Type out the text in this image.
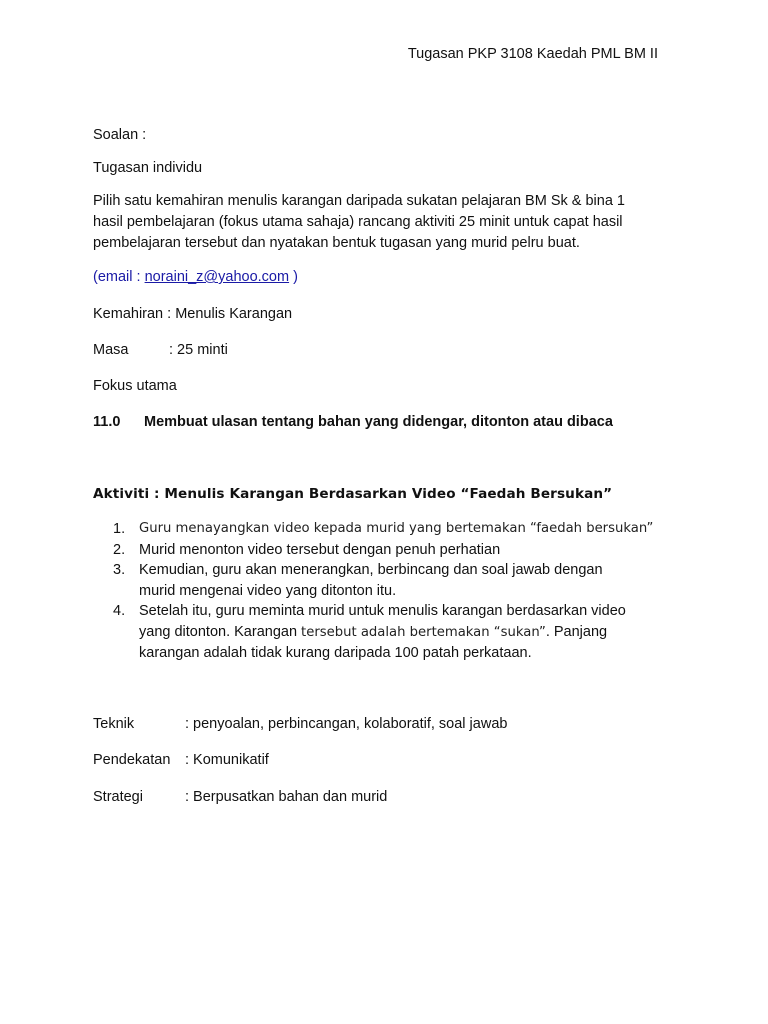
Tugasan PKP 3108 Kaedah PML BM II
Soalan :
Tugasan individu
Pilih satu kemahiran menulis karangan daripada sukatan pelajaran BM Sk & bina 1
hasil pembelajaran (fokus utama sahaja) rancang aktiviti 25 minit untuk capat hasil
pembelajaran tersebut dan nyatakan bentuk tugasan yang murid pelru buat.
(email : noraini_z@yahoo.com )
Kemahiran : Menulis Karangan
Masa	: 25 minti
Fokus utama
11.0 Membuat ulasan tentang bahan yang didengar, ditonton atau dibaca
Aktiviti : Menulis Karangan Berdasarkan Video “Faedah Bersukan”
1. Guru menayangkan video kepada murid yang bertemakan “faedah bersukan”
2. Murid menonton video tersebut dengan penuh perhatian
3. Kemudian, guru akan menerangkan, berbincang dan soal jawab dengan
murid mengenai video yang ditonton itu.
4. Setelah itu, guru meminta murid untuk menulis karangan berdasarkan video
yang ditonton. Karangan tersebut adalah bertemakan “sukan”. Panjang
karangan adalah tidak kurang daripada 100 patah perkataan.
Teknik	: penyoalan, perbincangan, kolaboratif, soal jawab
Pendekatan : Komunikatif
Strategi	: Berpusatkan bahan dan murid
